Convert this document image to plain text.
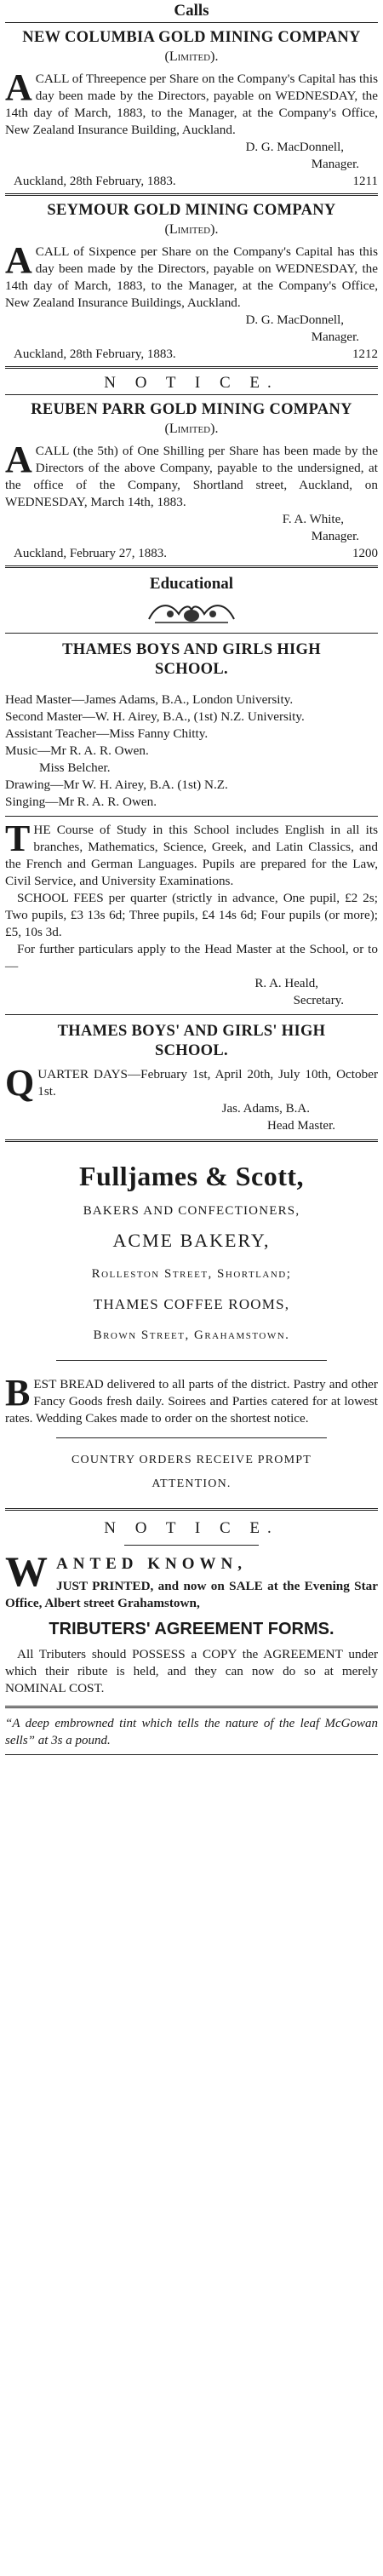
Calls
NEW COLUMBIA GOLD MINING COMPANY
(Limited).
ACALL of Threepence per Share on the Company's Capital has this day been made by the Directors, payable on WEDNESDAY, the 14th day of March, 1883, to the Manager, at the Company's Office, New Zealand Insurance Building, Auckland.
D. G. MacDonnell,
Manager.
Auckland, 28th February, 1883.	1211
SEYMOUR GOLD MINING COMPANY
(Limited).
ACALL of Sixpence per Share on the Company's Capital has this day been made by the Directors, payable on WEDNESDAY, the 14th day of March, 1883, to the Manager, at the Company's Office, New Zealand Insurance Buildings, Auckland.
D. G. MacDonnell,
Manager.
Auckland, 28th February, 1883.	1212
N O T I C E.
REUBEN PARR GOLD MINING COMPANY
(Limited).
ACALL (the 5th) of One Shilling per Share has been made by the Directors of the above Company, payable to the undersigned, at the office of the Company, Shortland street, Auckland, on WEDNESDAY, March 14th, 1883.
F. A. White,
Manager.
Auckland, February 27, 1883.	1200
Educational
THAMES BOYS AND GIRLS HIGH SCHOOL.
Head Master—James Adams, B.A., London University.
Second Master—W. H. Airey, B.A., (1st) N.Z. University.
Assistant Teacher—Miss Fanny Chitty.
Music—Mr R. A. R. Owen.
Miss Belcher.
Drawing—Mr W. H. Airey, B.A. (1st) N.Z.
Singing—Mr R. A. R. Owen.
THE Course of Study in this School includes English in all its branches, Mathematics, Science, Greek, and Latin Classics, and the French and German Languages. Pupils are prepared for the Law, Civil Service, and University Examinations.
SCHOOL FEES per quarter (strictly in advance, One pupil, £2 2s; Two pupils, £3 13s 6d; Three pupils, £4 14s 6d; Four pupils (or more); £5, 10s 3d.
For further particulars apply to the Head Master at the School, or to—
R. A. Heald,
Secretary.
THAMES BOYS' AND GIRLS' HIGH SCHOOL.
QUARTER DAYS—February 1st, April 20th, July 10th, October 1st.
Jas. Adams, B.A.
Head Master.
Fulljames & Scott,
BAKERS AND CONFECTIONERS,
ACME BAKERY,
Rolleston Street, Shortland;
THAMES COFFEE ROOMS,
Brown Street, Grahamstown.
BEST BREAD delivered to all parts of the district. Pastry and other Fancy Goods fresh daily. Soirees and Parties catered for at lowest rates. Wedding Cakes made to order on the shortest notice.
COUNTRY ORDERS RECEIVE PROMPT ATTENTION.
N O T I C E.
WANTED KNOWN,
JUST PRINTED, and now on SALE at the Evening Star Office, Albert street Grahamstown,
TRIBUTERS' AGREEMENT FORMS.
All Tributers should POSSESS a COPY the AGREEMENT under which their ribute is held, and they can now do so at merely NOMINAL COST.
“A deep embrowned tint which tells the nature of the leaf McGowan sells” at 3s a pound.
